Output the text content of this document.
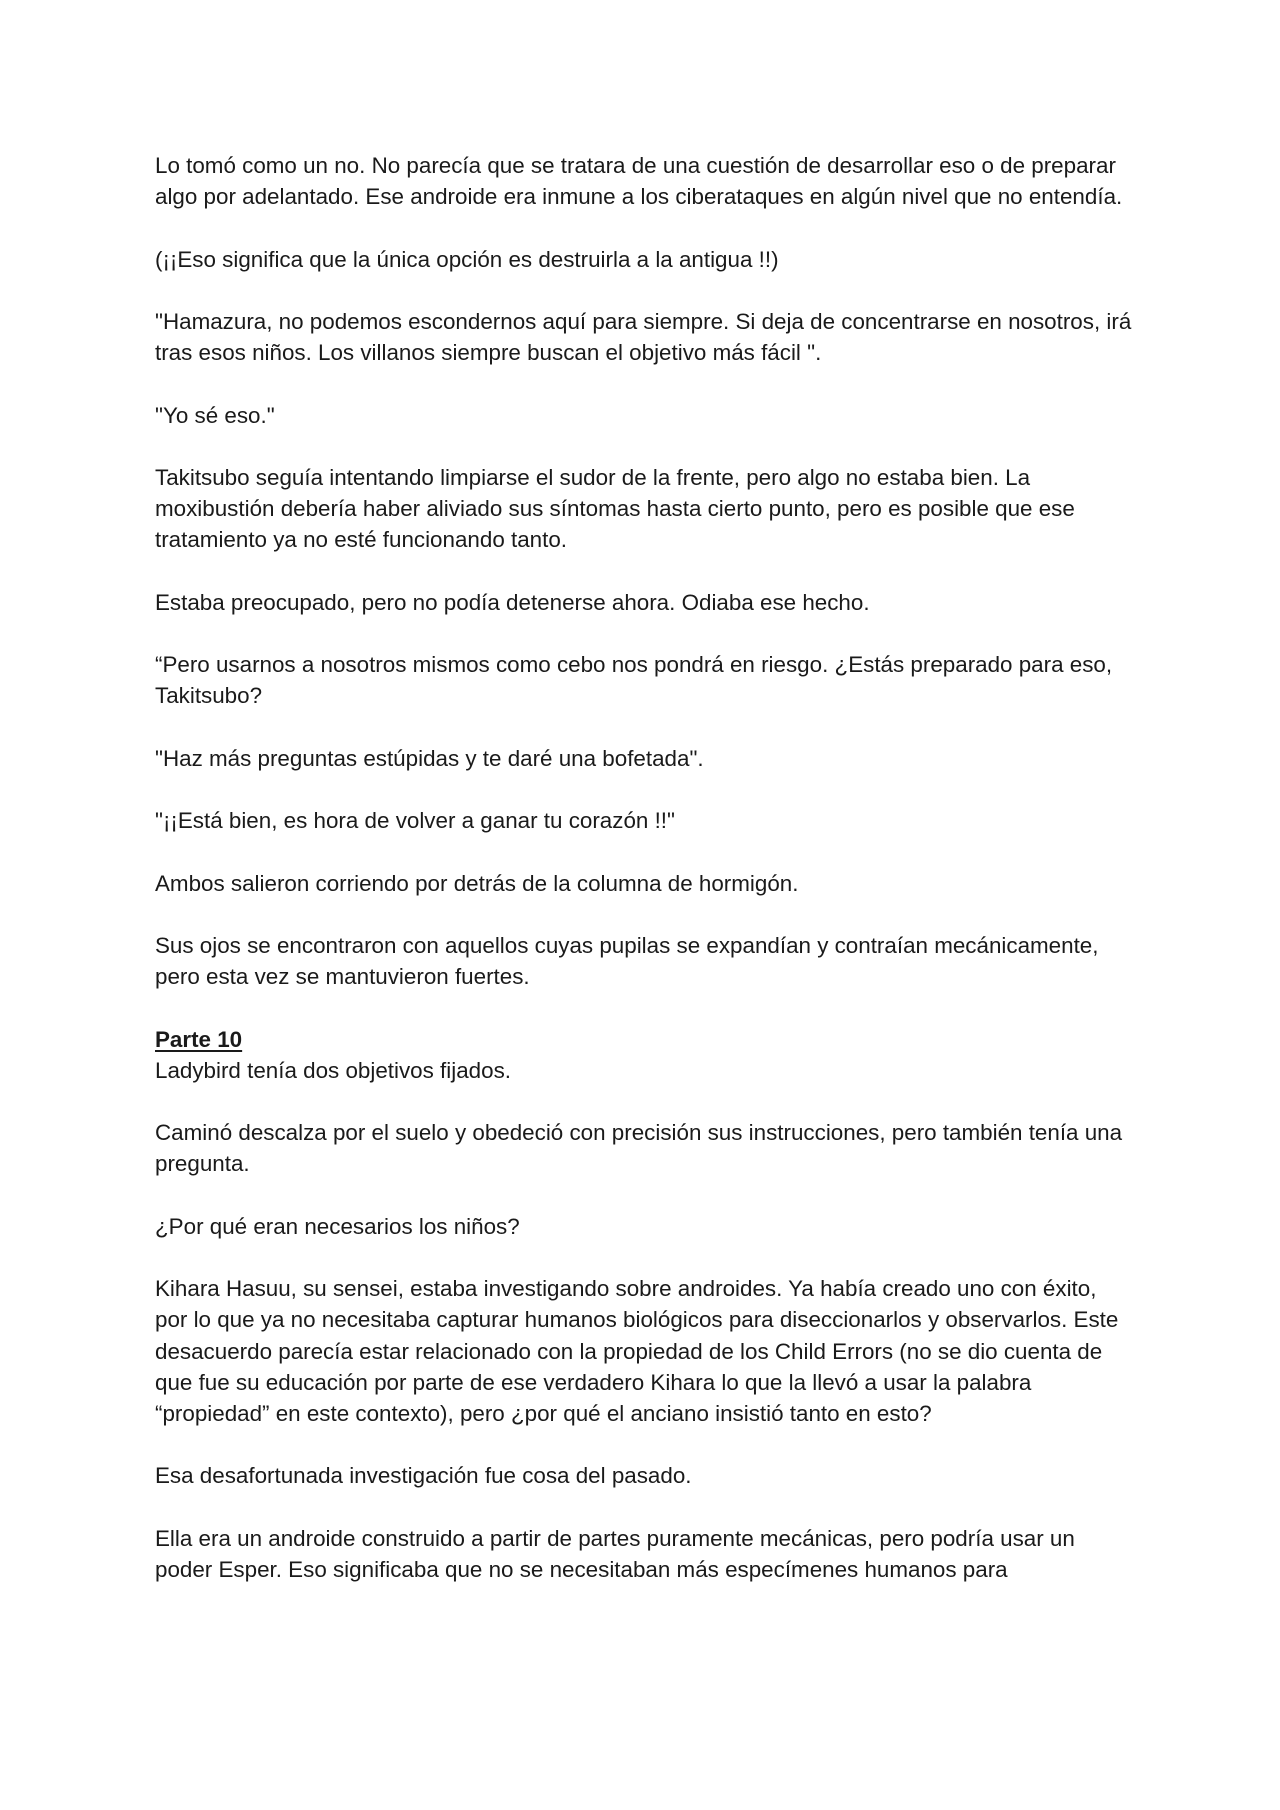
Lo tomó como un no. No parecía que se tratara de una cuestión de desarrollar eso o de preparar algo por adelantado. Ese androide era inmune a los ciberataques en algún nivel que no entendía.

(¡¡Eso significa que la única opción es destruirla a la antigua !!)

"Hamazura, no podemos escondernos aquí para siempre. Si deja de concentrarse en nosotros, irá tras esos niños. Los villanos siempre buscan el objetivo más fácil ".

"Yo sé eso."

Takitsubo seguía intentando limpiarse el sudor de la frente, pero algo no estaba bien. La moxibustión debería haber aliviado sus síntomas hasta cierto punto, pero es posible que ese tratamiento ya no esté funcionando tanto.

Estaba preocupado, pero no podía detenerse ahora. Odiaba ese hecho.

“Pero usarnos a nosotros mismos como cebo nos pondrá en riesgo. ¿Estás preparado para eso, Takitsubo?

"Haz más preguntas estúpidas y te daré una bofetada".

"¡¡Está bien, es hora de volver a ganar tu corazón !!"

Ambos salieron corriendo por detrás de la columna de hormigón.

Sus ojos se encontraron con aquellos cuyas pupilas se expandían y contraían mecánicamente, pero esta vez se mantuvieron fuertes.

Parte 10

Ladybird tenía dos objetivos fijados.

Caminó descalza por el suelo y obedeció con precisión sus instrucciones, pero también tenía una pregunta.

¿Por qué eran necesarios los niños?

Kihara Hasuu, su sensei, estaba investigando sobre androides. Ya había creado uno con éxito, por lo que ya no necesitaba capturar humanos biológicos para diseccionarlos y observarlos. Este desacuerdo parecía estar relacionado con la propiedad de los Child Errors (no se dio cuenta de que fue su educación por parte de ese verdadero Kihara lo que la llevó a usar la palabra “propiedad” en este contexto), pero ¿por qué el anciano insistió tanto en esto?

Esa desafortunada investigación fue cosa del pasado.

Ella era un androide construido a partir de partes puramente mecánicas, pero podría usar un poder Esper. Eso significaba que no se necesitaban más especímenes humanos para
